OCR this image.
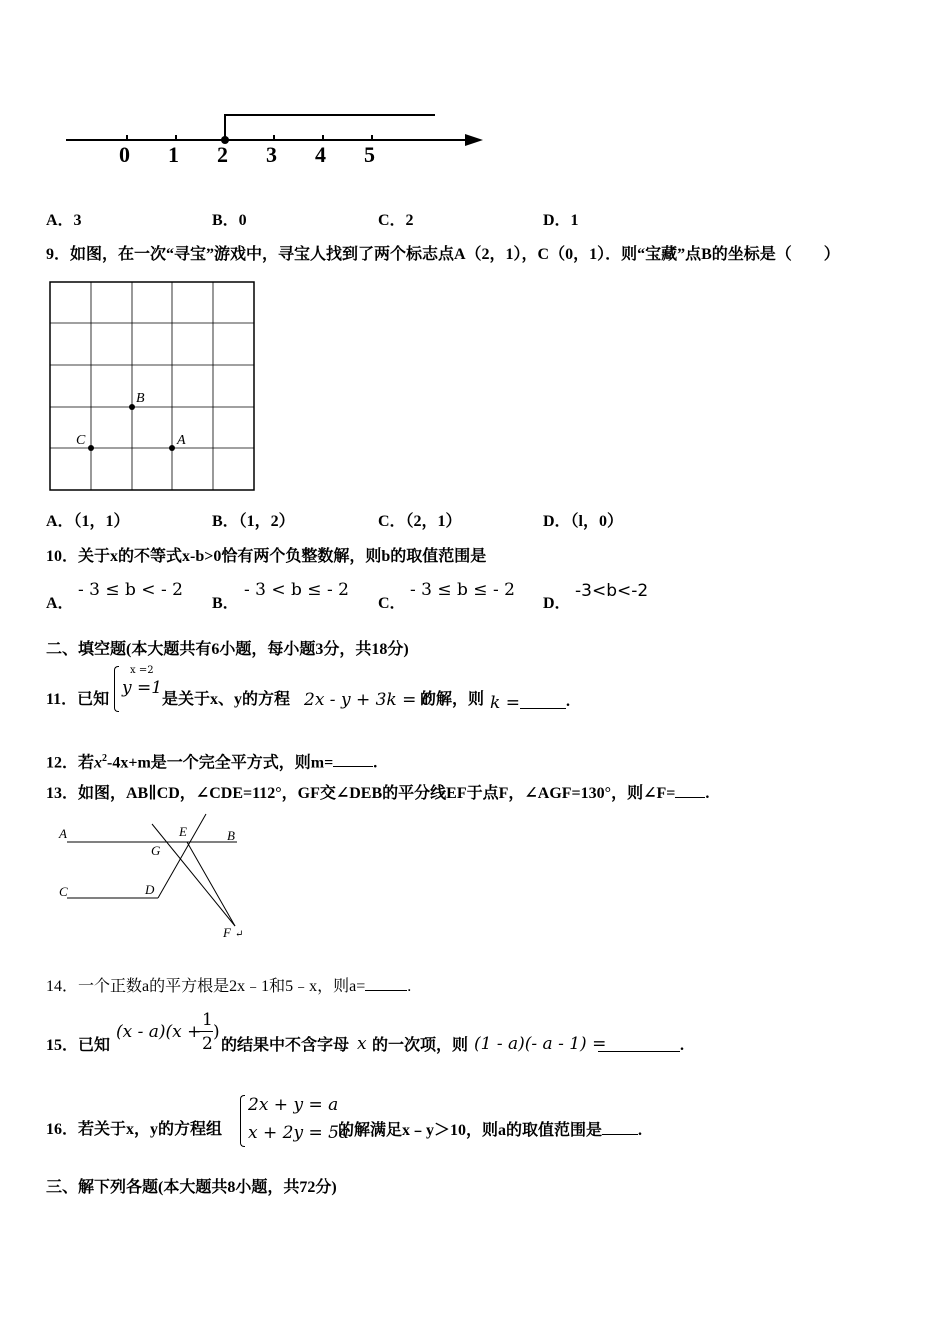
0 1 2 3 4 5
A．3	B．0	C．2	D．1
9．如图，在一次“寻宝”游戏中，寻宝人找到了两个标志点A（2，1），C（0，1）．则“宝藏”点B的坐标是（　　）
B
C	A
A．（1，1）	B．（1，2）	C．（2，1）	D．（l，0）
10．关于x的不等式x-b>0恰有两个负整数解，则b的取值范围是
A．
- 3 ≤ b < - 2
B．
- 3 < b ≤ - 2
C．
- 3 ≤ b ≤ - 2
D．
-3<b<-2
二、填空题(本大题共有6小题，每小题3分，共18分)
11．已知
x =2
y =1
是关于x、y的方程 2x - y + 3k = 0
的解，则 k =	.
12．若$x^2-4x+m$是一个完全平方式，则m=	.
13．如图，AB∥CD，∠CDE=112°，GF交∠DEB的平分线EF于点F，∠AGF=130°，则∠F= .
A	E	B
G
C	D
F ↵
14．一个正数a的平方根是2x﹣1和5﹣x，则a=	.
15．已知
(x - a)(x +
1
2
)
的结果中不含字母 x 的一次项，则 (1 - a)(- a - 1) =	.
16．若关于x，y的方程组
2x + y = a
x + 2y = 5a
的解满足x﹣y＞10，则a的取值范围是 .
三、解下列各题(本大题共8小题，共72分)
